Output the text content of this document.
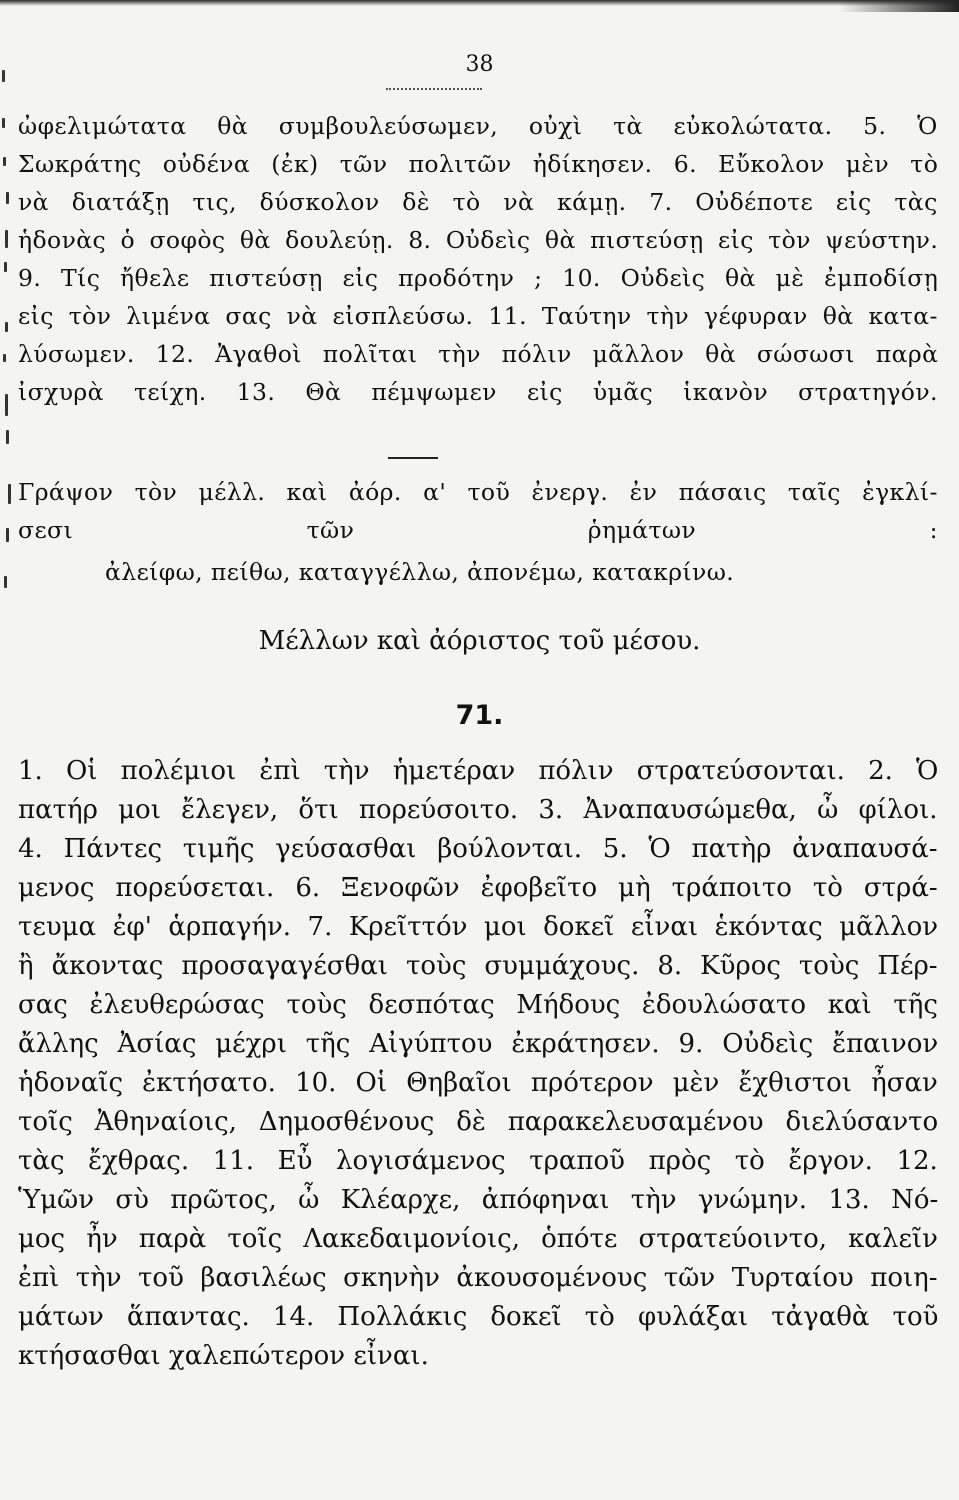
38
ὠφελιμώτατα θὰ συμβουλεύσωμεν, οὐχὶ τὰ εὐκολώτατα. 5. Ὁ
Σωκράτης οὐδένα (ἐκ) τῶν πολιτῶν ἠδίκησεν. 6. Εὔκολον μὲν τὸ
νὰ διατάξῃ τις, δύσκολον δὲ τὸ νὰ κάμῃ. 7. Οὐδέποτε εἰς τὰς
ἡδονὰς ὁ σοφὸς θὰ δουλεύῃ. 8. Οὐδεὶς θὰ πιστεύσῃ εἰς τὸν ψεύστην.
9. Τίς ἤθελε πιστεύσῃ εἰς προδότην ; 10. Οὐδεὶς θὰ μὲ ἐμποδίσῃ
εἰς τὸν λιμένα σας νὰ εἰσπλεύσω. 11. Ταύτην τὴν γέφυραν θὰ κατα-
λύσωμεν. 12. Ἀγαθοὶ πολῖται τὴν πόλιν μᾶλλον θὰ σώσωσι παρὰ
ἰσχυρὰ τείχη. 13. Θὰ πέμψωμεν εἰς ὑμᾶς ἱκανὸν στρατηγόν.
Γράψον τὸν μέλλ. καὶ ἀόρ. α' τοῦ ἐνεργ. ἐν πάσαις ταῖς ἐγκλί-
σεσι τῶν ῥημάτων :
ἀλείφω, πείθω, καταγγέλλω, ἀπονέμω, κατακρίνω.
Μέλλων καὶ ἀόριστος τοῦ μέσου.
71.
1. Οἱ πολέμιοι ἐπὶ τὴν ἡμετέραν πόλιν στρατεύσονται. 2. Ὁ
πατήρ μοι ἔλεγεν, ὅτι πορεύσοιτο. 3. Ἀναπαυσώμεθα, ὦ φίλοι.
4. Πάντες τιμῆς γεύσασθαι βούλονται. 5. Ὁ πατὴρ ἀναπαυσά-
μενος πορεύσεται. 6. Ξενοφῶν ἐφοβεῖτο μὴ τράποιτο τὸ στρά-
τευμα ἐφ' ἁρπαγήν. 7. Κρεῖττόν μοι δοκεῖ εἶναι ἑκόντας μᾶλλον
ἢ ἄκοντας προσαγαγέσθαι τοὺς συμμάχους. 8. Κῦρος τοὺς Πέρ-
σας ἐλευθερώσας τοὺς δεσπότας Μήδους ἐδουλώσατο καὶ τῆς
ἄλλης Ἀσίας μέχρι τῆς Αἰγύπτου ἐκράτησεν. 9. Οὐδεὶς ἔπαινον
ἡδοναῖς ἐκτήσατο. 10. Οἱ Θηβαῖοι πρότερον μὲν ἔχθιστοι ἦσαν
τοῖς Ἀθηναίοις, Δημοσθένους δὲ παρακελευσαμένου διελύσαντο
τὰς ἔχθρας. 11. Εὖ λογισάμενος τραποῦ πρὸς τὸ ἔργον. 12.
Ὑμῶν σὺ πρῶτος, ὦ Κλέαρχε, ἀπόφηναι τὴν γνώμην. 13. Νό-
μος ἦν παρὰ τοῖς Λακεδαιμονίοις, ὁπότε στρατεύοιντο, καλεῖν
ἐπὶ τὴν τοῦ βασιλέως σκηνὴν ἀκουσομένους τῶν Τυρταίου ποιη-
μάτων ἅπαντας. 14. Πολλάκις δοκεῖ τὸ φυλάξαι τἀγαθὰ τοῦ
κτήσασθαι χαλεπώτερον εἶναι.
